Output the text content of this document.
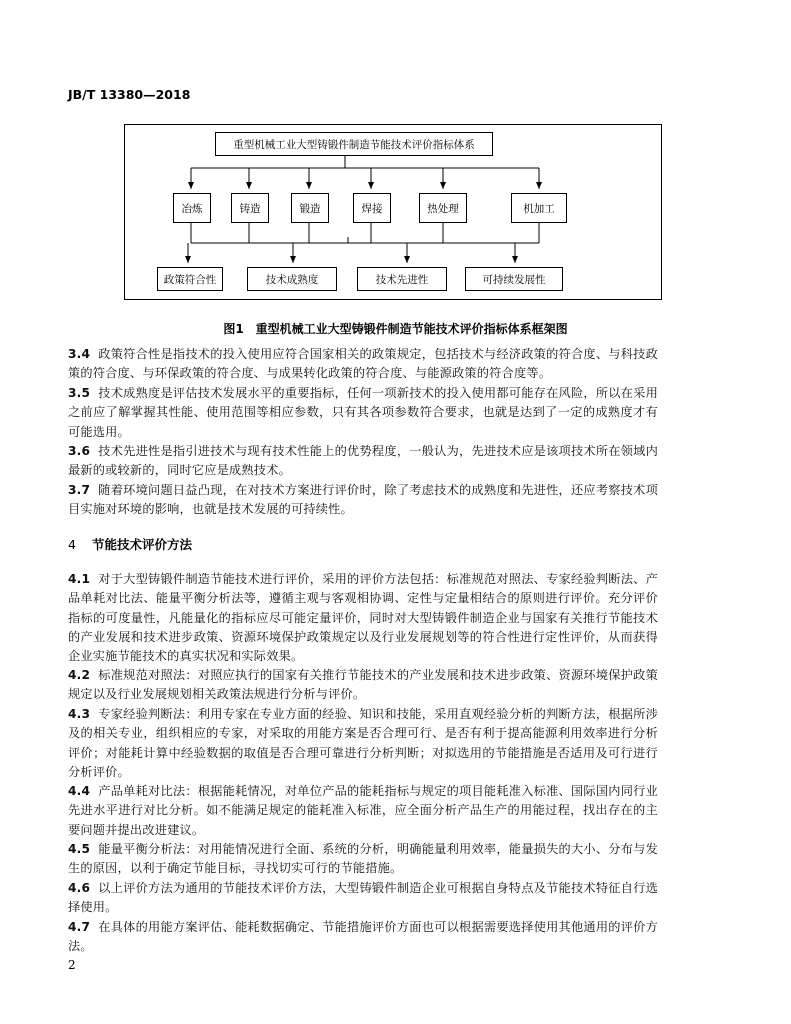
JB/T 13380—2018
重型机械工业大型铸锻件制造节能技术评价指标体系
冶炼	铸造	锻造	焊接	热处理	机加工
政策符合性	技术成熟度	技术先进性	可持续发展性
图1　重型机械工业大型铸锻件制造节能技术评价指标体系框架图
3.4 政策符合性是指技术的投入使用应符合国家相关的政策规定，包括技术与经济政策的符合度、与科技政策的符合度、与环保政策的符合度、与成果转化政策的符合度、与能源政策的符合度等。
3.5 技术成熟度是评估技术发展水平的重要指标，任何一项新技术的投入使用都可能存在风险，所以在采用之前应了解掌握其性能、使用范围等相应参数，只有其各项参数符合要求，也就是达到了一定的成熟度才有可能选用。
3.6 技术先进性是指引进技术与现有技术性能上的优势程度，一般认为，先进技术应是该项技术所在领域内最新的或较新的，同时它应是成熟技术。
3.7 随着环境问题日益凸现，在对技术方案进行评价时，除了考虑技术的成熟度和先进性，还应考察技术项目实施对环境的影响，也就是技术发展的可持续性。
4 节能技术评价方法
4.1 对于大型铸锻件制造节能技术进行评价，采用的评价方法包括：标准规范对照法、专家经验判断法、产品单耗对比法、能量平衡分析法等，遵循主观与客观相协调、定性与定量相结合的原则进行评价。充分评价指标的可度量性，凡能量化的指标应尽可能定量评价，同时对大型铸锻件制造企业与国家有关推行节能技术的产业发展和技术进步政策、资源环境保护政策规定以及行业发展规划等的符合性进行定性评价，从而获得企业实施节能技术的真实状况和实际效果。
4.2 标准规范对照法：对照应执行的国家有关推行节能技术的产业发展和技术进步政策、资源环境保护政策规定以及行业发展规划相关政策法规进行分析与评价。
4.3 专家经验判断法：利用专家在专业方面的经验、知识和技能，采用直观经验分析的判断方法，根据所涉及的相关专业，组织相应的专家，对采取的用能方案是否合理可行、是否有利于提高能源利用效率进行分析评价；对能耗计算中经验数据的取值是否合理可靠进行分析判断；对拟选用的节能措施是否适用及可行进行分析评价。
4.4 产品单耗对比法：根据能耗情况，对单位产品的能耗指标与规定的项目能耗准入标准、国际国内同行业先进水平进行对比分析。如不能满足规定的能耗准入标准，应全面分析产品生产的用能过程，找出存在的主要问题并提出改进建议。
4.5 能量平衡分析法：对用能情况进行全面、系统的分析，明确能量利用效率，能量损失的大小、分布与发生的原因，以利于确定节能目标，寻找切实可行的节能措施。
4.6 以上评价方法为通用的节能技术评价方法，大型铸锻件制造企业可根据自身特点及节能技术特征自行选择使用。
4.7 在具体的用能方案评估、能耗数据确定、节能措施评价方面也可以根据需要选择使用其他通用的评价方法。
2
